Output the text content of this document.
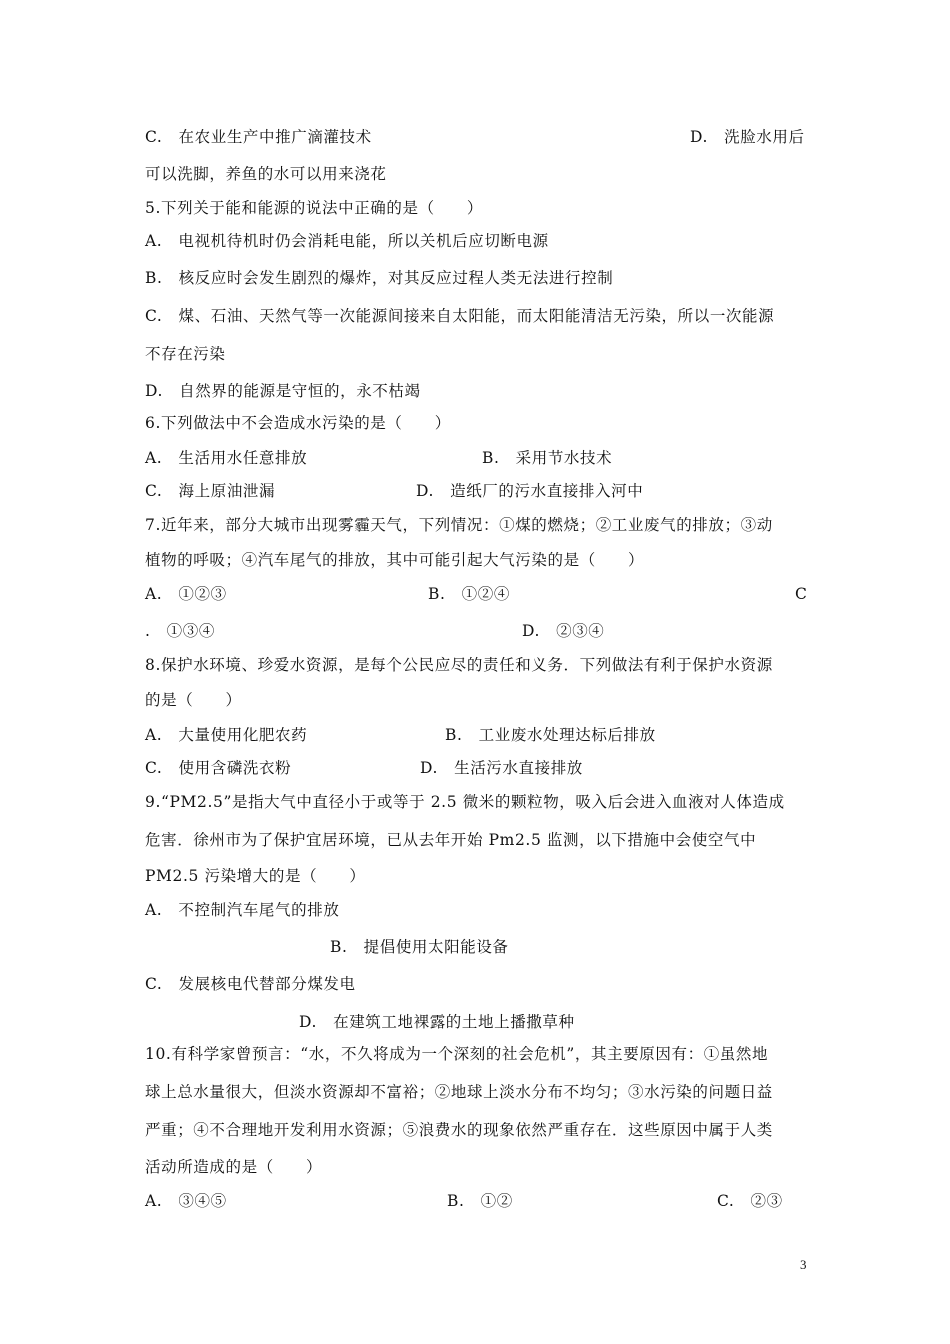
C.　在农业生产中推广滴灌技术	D.　洗脸水用后
可以洗脚，养鱼的水可以用来浇花
5.下列关于能和能源的说法中正确的是（　　）
A.　电视机待机时仍会消耗电能，所以关机后应切断电源
B.　核反应时会发生剧烈的爆炸，对其反应过程人类无法进行控制
C.　煤、石油、天然气等一次能源间接来自太阳能，而太阳能清洁无污染，所以一次能源
不存在污染
D.　自然界的能源是守恒的，永不枯竭
6.下列做法中不会造成水污染的是（　　）
A.　生活用水任意排放	B.　采用节水技术
C.　海上原油泄漏	D.　造纸厂的污水直接排入河中
7.近年来，部分大城市出现雾霾天气，下列情况：①煤的燃烧；②工业废气的排放；③动
植物的呼吸；④汽车尾气的排放，其中可能引起大气污染的是（　　）
A.　①②③	B.　①②④	C
.　①③④	D.　②③④
8.保护水环境、珍爱水资源，是每个公民应尽的责任和义务．下列做法有利于保护水资源
的是（　　）
A.　大量使用化肥农药	B.　工业废水处理达标后排放
C.　使用含磷洗衣粉	D.　生活污水直接排放
9.“PM2.5”是指大气中直径小于或等于 2.5 微米的颗粒物，吸入后会进入血液对人体造成
危害．徐州市为了保护宜居环境，已从去年开始 Pm2.5 监测，以下措施中会使空气中
PM2.5 污染增大的是（　　）
A.　不控制汽车尾气的排放
B.　提倡使用太阳能设备
C.　发展核电代替部分煤发电
D.　在建筑工地裸露的土地上播撒草种
10.有科学家曾预言：“水，不久将成为一个深刻的社会危机”，其主要原因有：①虽然地
球上总水量很大，但淡水资源却不富裕；②地球上淡水分布不均匀；③水污染的问题日益
严重；④不合理地开发利用水资源；⑤浪费水的现象依然严重存在．这些原因中属于人类
活动所造成的是（　　）
A.　③④⑤	B.　①②	C.　②③
3
